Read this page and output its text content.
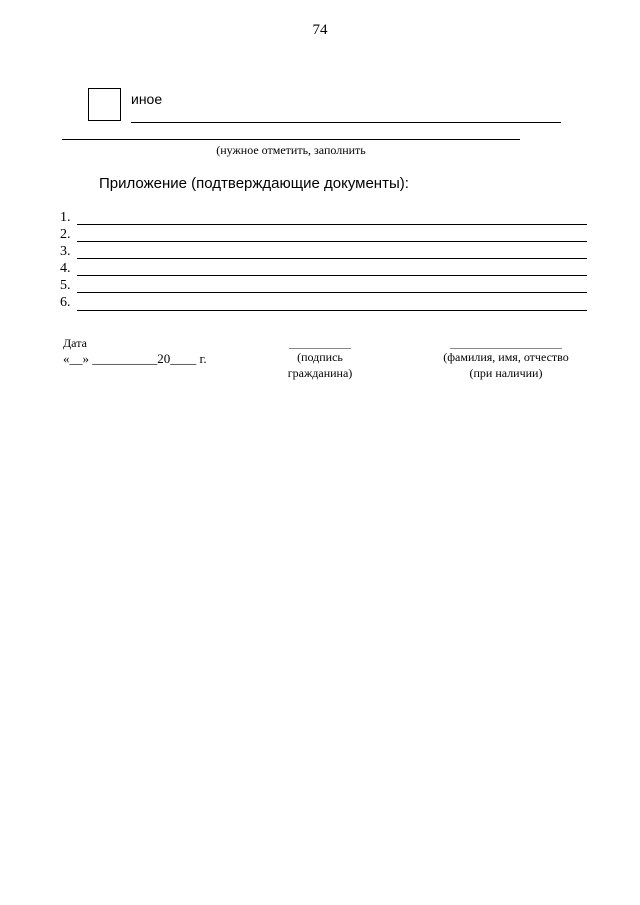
74
иное
(нужное отметить, заполнить
Приложение (подтверждающие документы):
1.
2.
3.
4.
5.
6.
Дата
«__» __________20____ г.	(подпись
гражданина)
(фамилия, имя, отчество
(при наличии)
